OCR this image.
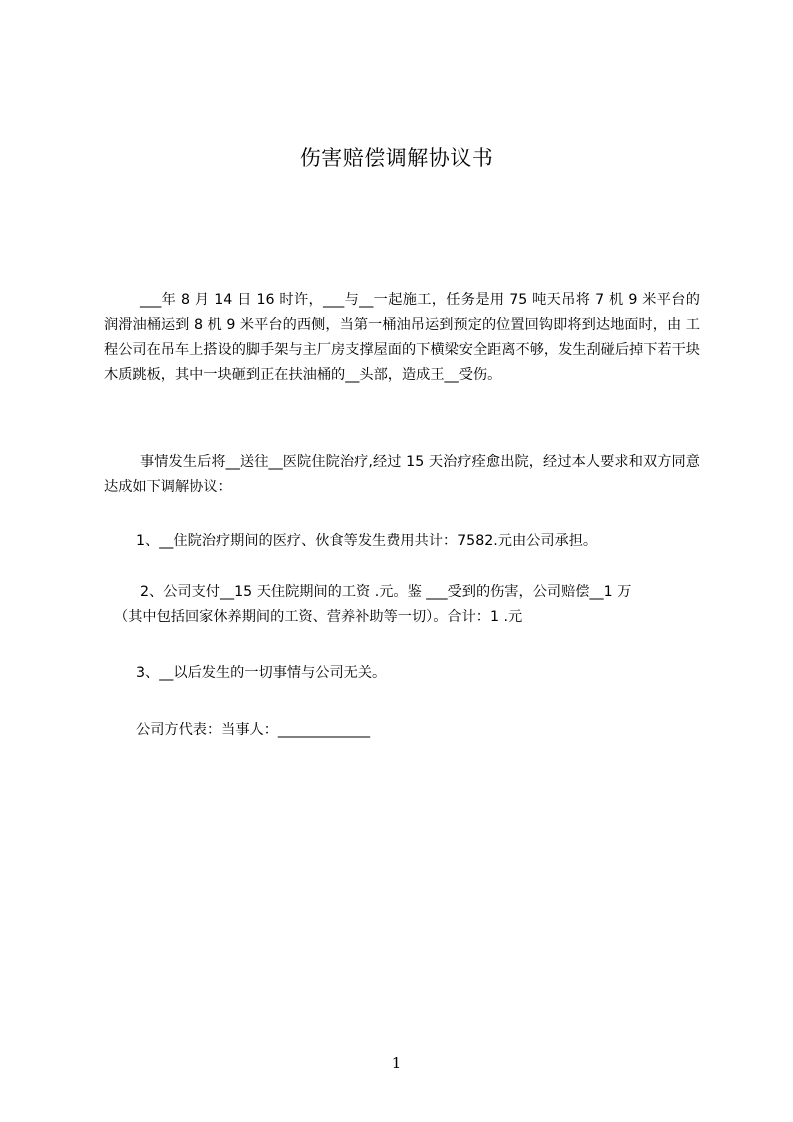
伤害赔偿调解协议书
___年 8 月 14 日 16 时许，___与__一起施工，任务是用 75 吨天吊将 7 机 9 米平台的润滑油桶运到 8 机 9 米平台的西侧，当第一桶油吊运到预定的位置回钩即将到达地面时，由 工程公司在吊车上搭设的脚手架与主厂房支撑屋面的下横梁安全距离不够，发生刮碰后掉下若干块木质跳板，其中一块砸到正在扶油桶的__头部，造成王__受伤。
事情发生后将__送往__医院住院治疗,经过 15 天治疗痊愈出院，经过本人要求和双方同意达成如下调解协议：
1、__住院治疗期间的医疗、伙食等发生费用共计：7582.元由公司承担。
2、公司支付__15 天住院期间的工资 .元。鉴 ___受到的伤害，公司赔偿__1 万
（其中包括回家休养期间的工资、营养补助等一切）。合计：1 .元
3、__以后发生的一切事情与公司无关。
公司方代表：当事人：_____________
1
